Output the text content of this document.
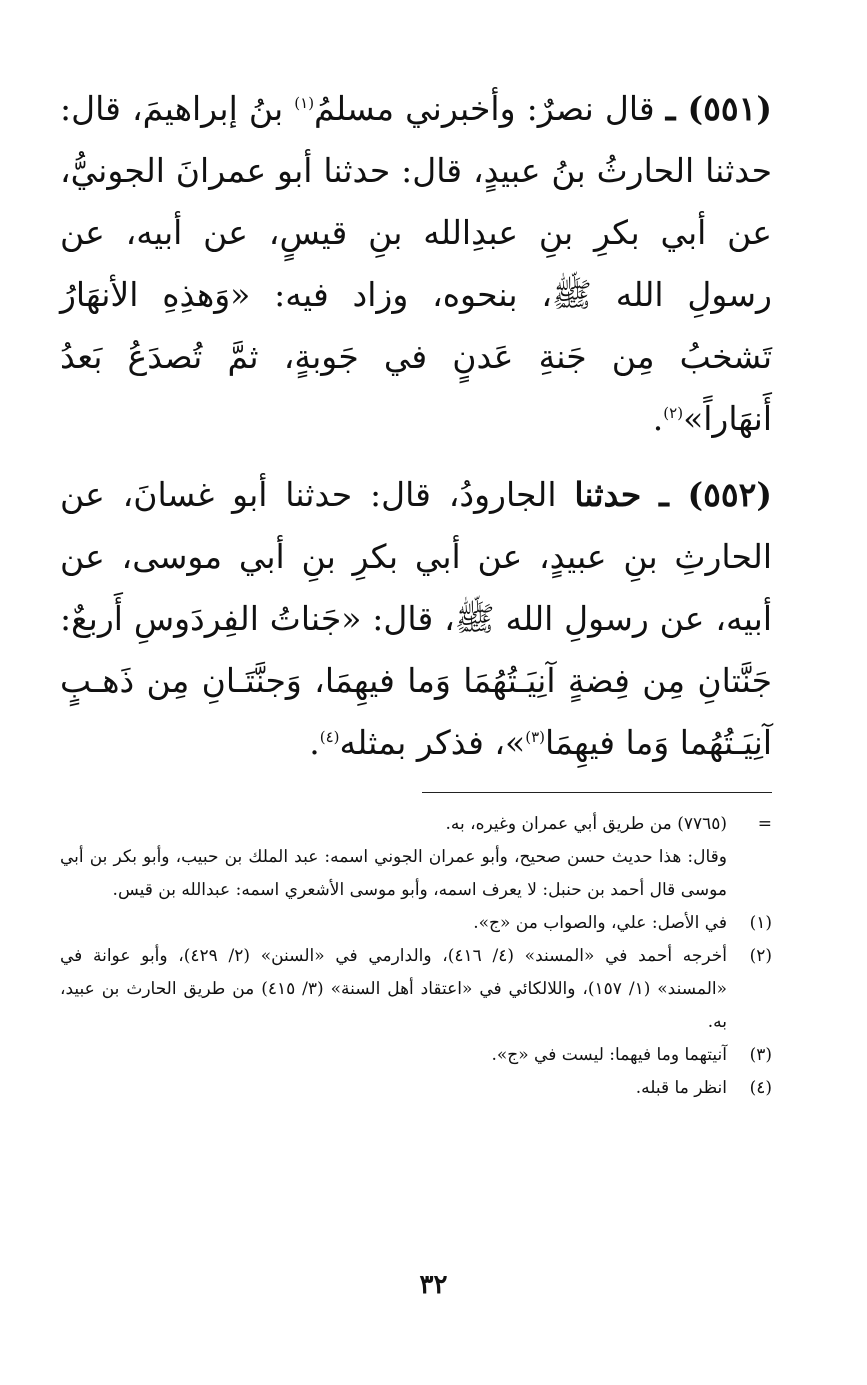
(٥٥١) ـ قال نصرٌ: وأخبرني مسلمُ$^{(١)}$ بنُ إبراهيمَ، قال: حدثنا الحارثُ بنُ عبيدٍ، قال: حدثنا أبو عمرانَ الجونيُّ، عن أبي بكرِ بنِ عبدِالله بنِ قيسٍ، عن أبيه، عن رسولِ الله ﷺ، بنحوه، وزاد فيه: «وَهذِهِ الأنهَارُ تَشخبُ مِن جَنةِ عَدنٍ في جَوبةٍ، ثمَّ تُصدَعُ بَعدُ أَنهَاراً»$^{(٢)}$.

(٥٥٢) ـ حدثنا الجارودُ، قال: حدثنا أبو غسانَ، عن الحارثِ بنِ عبيدٍ، عن أبي بكرِ بنِ أبي موسى، عن أبيه، عن رسولِ الله ﷺ، قال: «جَناتُ الفِردَوسِ أَربعٌ: جَنَّتانِ مِن فِضةٍ آنِيَـتُهُمَا وَما فيهِمَا، وَجنَّتَـانِ مِن ذَهـبٍ آنِيَـتُهُما وَما فيهِمَا$^{(٣)}$»، فذكر بمثله$^{(٤)}$.

=
(٧٧٦٥) من طريق أبي عمران وغيره، به.

وقال: هذا حديث حسن صحيح، وأبو عمران الجوني اسمه: عبد الملك بن حبيب، وأبو بكر بن أبي موسى قال أحمد بن حنبل: لا يعرف اسمه، وأبو موسى الأشعري اسمه: عبدالله بن قيس.

(١)
في الأصل: علي، والصواب من «ج».

(٢)
أخرجه أحمد في «المسند» (٤/ ٤١٦)، والدارمي في «السنن» (٢/ ٤٢٩)، وأبو عوانة في «المسند» (١/ ١٥٧)، واللالكائي في «اعتقاد أهل السنة» (٣/ ٤١٥) من طريق الحارث بن عبيد، به.

(٣)
آنيتهما وما فيهما: ليست في «ج».

(٤)
انظر ما قبله.

٣٢
